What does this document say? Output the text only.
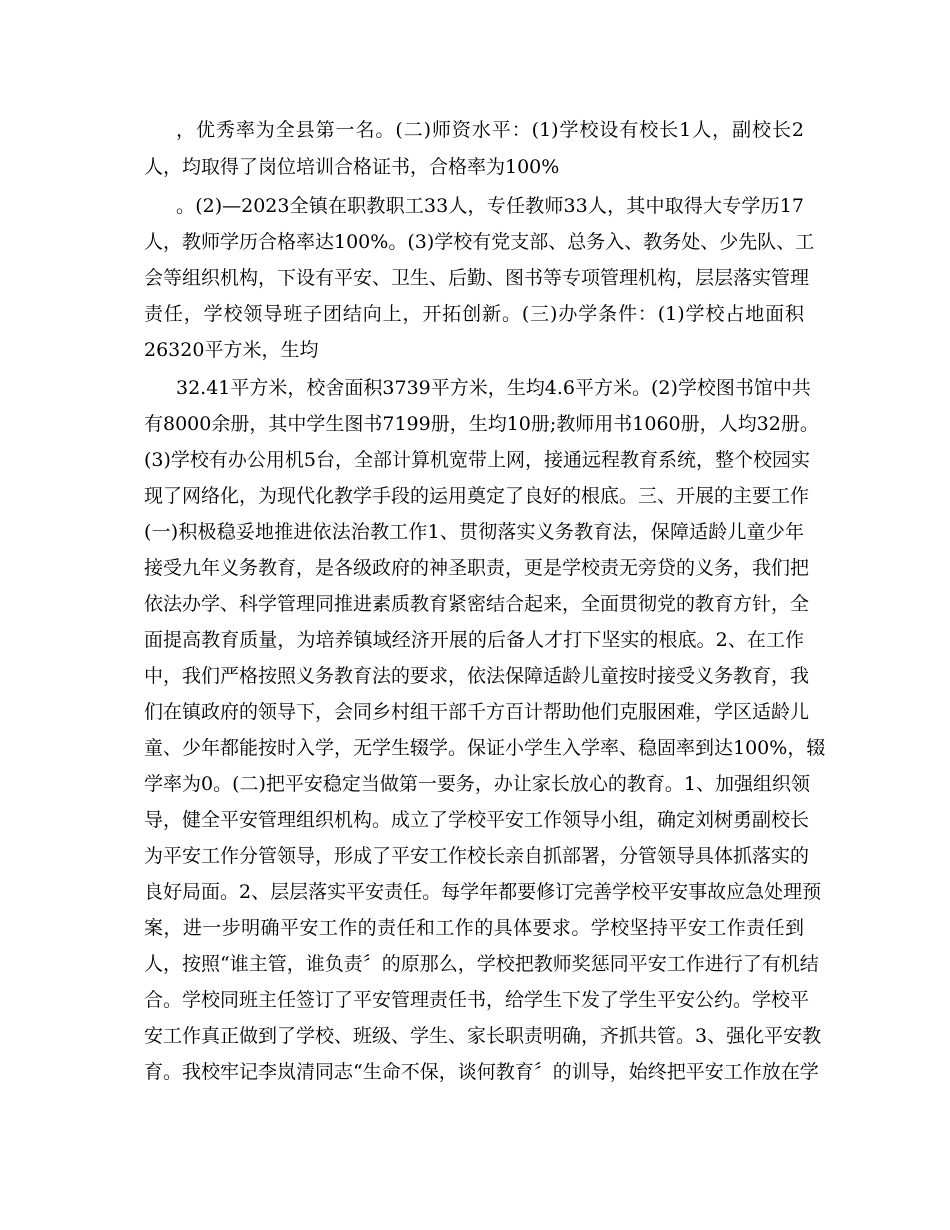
，优秀率为全县第一名。(二)师资水平：(1)学校设有校长1人，副校长2
人，均取得了岗位培训合格证书，合格率为100%
。(2)—2023全镇在职教职工33人，专任教师33人，其中取得大专学历17
人，教师学历合格率达100%。(3)学校有党支部、总务入、教务处、少先队、工
会等组织机构，下设有平安、卫生、后勤、图书等专项管理机构，层层落实管理
责任，学校领导班子团结向上，开拓创新。(三)办学条件：(1)学校占地面积
26320平方米，生均
32.41平方米，校舍面积3739平方米，生均4.6平方米。(2)学校图书馆中共
有8000余册，其中学生图书7199册，生均10册;教师用书1060册，人均32册。
(3)学校有办公用机5台，全部计算机宽带上网，接通远程教育系统，整个校园实
现了网络化，为现代化教学手段的运用奠定了良好的根底。三、开展的主要工作
(一)积极稳妥地推进依法治教工作1、贯彻落实义务教育法，保障适龄儿童少年
接受九年义务教育，是各级政府的神圣职责，更是学校责无旁贷的义务，我们把
依法办学、科学管理同推进素质教育紧密结合起来，全面贯彻党的教育方针，全
面提高教育质量，为培养镇域经济开展的后备人才打下坚实的根底。2、在工作
中，我们严格按照义务教育法的要求，依法保障适龄儿童按时接受义务教育，我
们在镇政府的领导下，会同乡村组干部千方百计帮助他们克服困难，学区适龄儿
童、少年都能按时入学，无学生辍学。保证小学生入学率、稳固率到达100%，辍
学率为0。(二)把平安稳定当做第一要务，办让家长放心的教育。1、加强组织领
导，健全平安管理组织机构。成立了学校平安工作领导小组，确定刘树勇副校长
为平安工作分管领导，形成了平安工作校长亲自抓部署，分管领导具体抓落实的
良好局面。2、层层落实平安责任。每学年都要修订完善学校平安事故应急处理预
案，进一步明确平安工作的责任和工作的具体要求。学校坚持平安工作责任到
人，按照“谁主管，谁负责〞的原那么，学校把教师奖惩同平安工作进行了有机结
合。学校同班主任签订了平安管理责任书，给学生下发了学生平安公约。学校平
安工作真正做到了学校、班级、学生、家长职责明确，齐抓共管。3、强化平安教
育。我校牢记李岚清同志“生命不保，谈何教育〞的训导，始终把平安工作放在学
